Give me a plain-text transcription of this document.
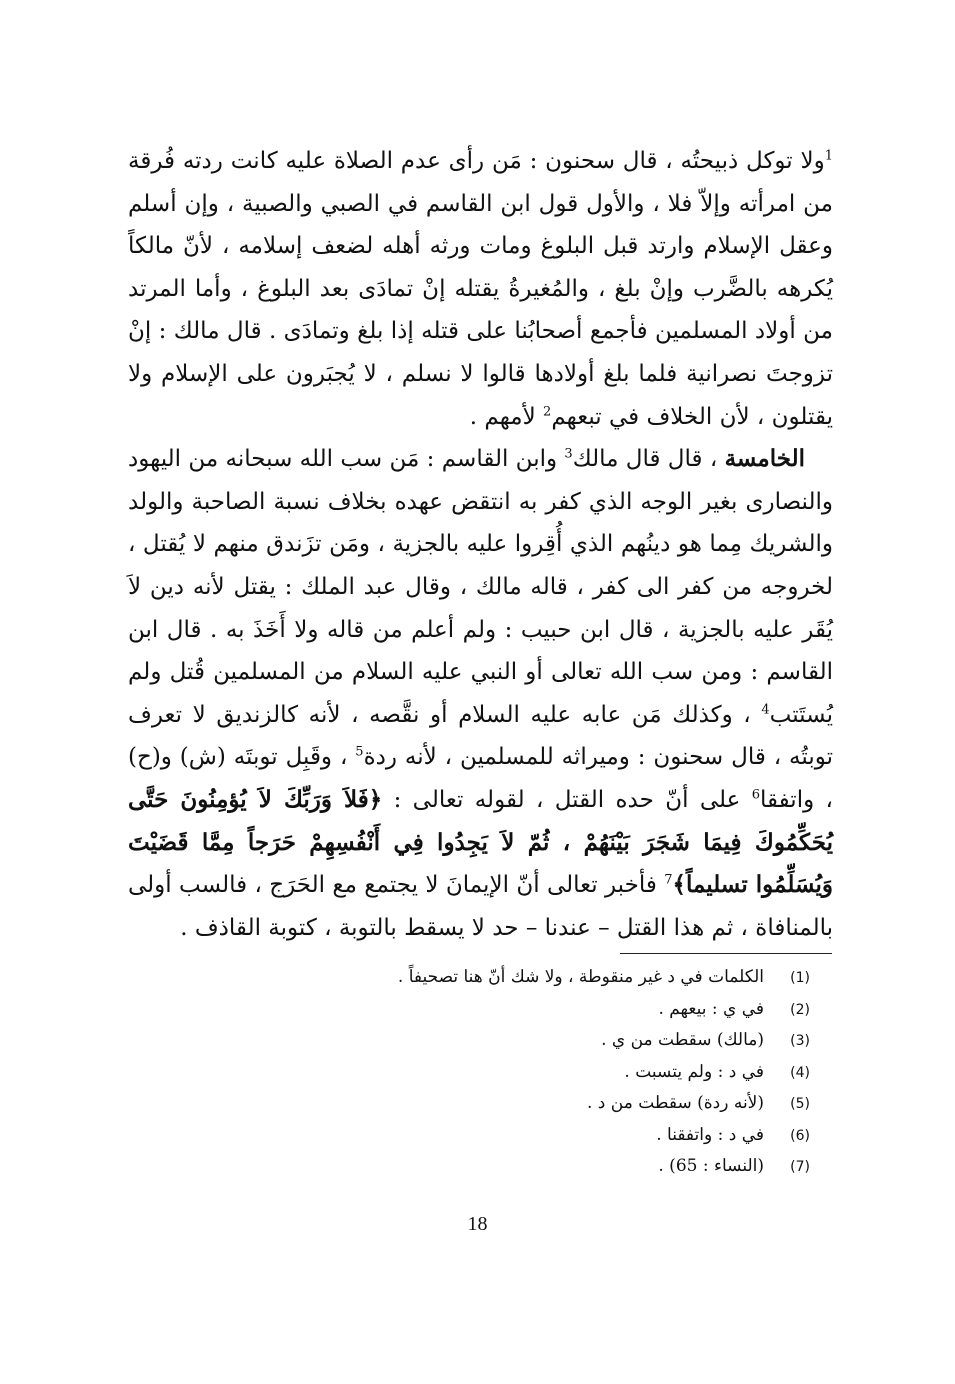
$^1$ولا توكل ذبيحتُه ، قال سحنون : مَن رأى عدم الصلاة عليه كانت ردته فُرقة من امرأته وإلاّ فلا ، والأول قول ابن القاسم في الصبي والصبية ، وإن أسلم وعقل الإسلام وارتد قبل البلوغ ومات ورثه أهله لضعف إسلامه ، لأنّ مالكاً يُكرهه بالضَّرب وإنْ بلغ ، والمُغيرةُ يقتله إنْ تمادَى بعد البلوغ ، وأما المرتد من أولاد المسلمين فأجمع أصحابُنا على قتله إذا بلغ وتمادَى . قال مالك : إنْ تزوجتَ نصرانية فلما بلغ أولادها قالوا لا نسلم ، لا يُجبَرون على الإسلام ولا يقتلون ، لأن الخلاف في تبعهم$^2$ لأمهم .

الخامسة ، قال قال مالك$^3$ وابن القاسم : مَن سب الله سبحانه من اليهود والنصارى بغير الوجه الذي كفر به انتقض عهده بخلاف نسبة الصاحبة والولد والشريك مِما هو دينُهم الذي أُقِروا عليه بالجزية ، ومَن تزَندق منهم لا يُقتل ، لخروجه من كفر الى كفر ، قاله مالك ، وقال عبد الملك : يقتل لأنه دين لاَ يُقَر عليه بالجزية ، قال ابن حبيب : ولم أعلم من قاله ولا أَخَذَ به . قال ابن القاسم : ومن سب الله تعالى أو النبي عليه السلام من المسلمين قُتل ولم يُستَتب$^4$ ، وكذلك مَن عابه عليه السلام أو نقَّصه ، لأنه كالزنديق لا تعرف توبتُه ، قال سحنون : وميراثه للمسلمين ، لأنه ردة$^5$ ، وقَبِل توبتَه (ش) و(ح) ، واتفقا$^6$ على أنّ حده القتل ، لقوله تعالى : ﴿فَلاَ وَرَبِّكَ لاَ يُؤمِنُونَ حَتَّى يُحَكِّمُوكَ فِيمَا شَجَرَ بَيْنَهُمْ ، ثُمّ لاَ يَجِدُوا فِي أَنْفُسِهِمْ حَرَجاً مِمَّا قَضَيْتَ وَيُسَلِّمُوا تسليماً﴾$^7$ فأخبر تعالى أنّ الإيمانَ لا يجتمع مع الحَرَج ، فالسب أولى بالمنافاة ، ثم هذا القتل – عندنا – حد لا يسقط بالتوبة ، كتوبة القاذف .

(1)
الكلمات في د غير منقوطة ، ولا شك أنّ هنا تصحيفاً .
(2)
في ي : بيعهم .
(3)
(مالك) سقطت من ي .
(4)
في د : ولم يتسبت .
(5)
(لأنه ردة) سقطت من د .
(6)
في د : واتفقنا .
(7)
(النساء : 65) .
18
